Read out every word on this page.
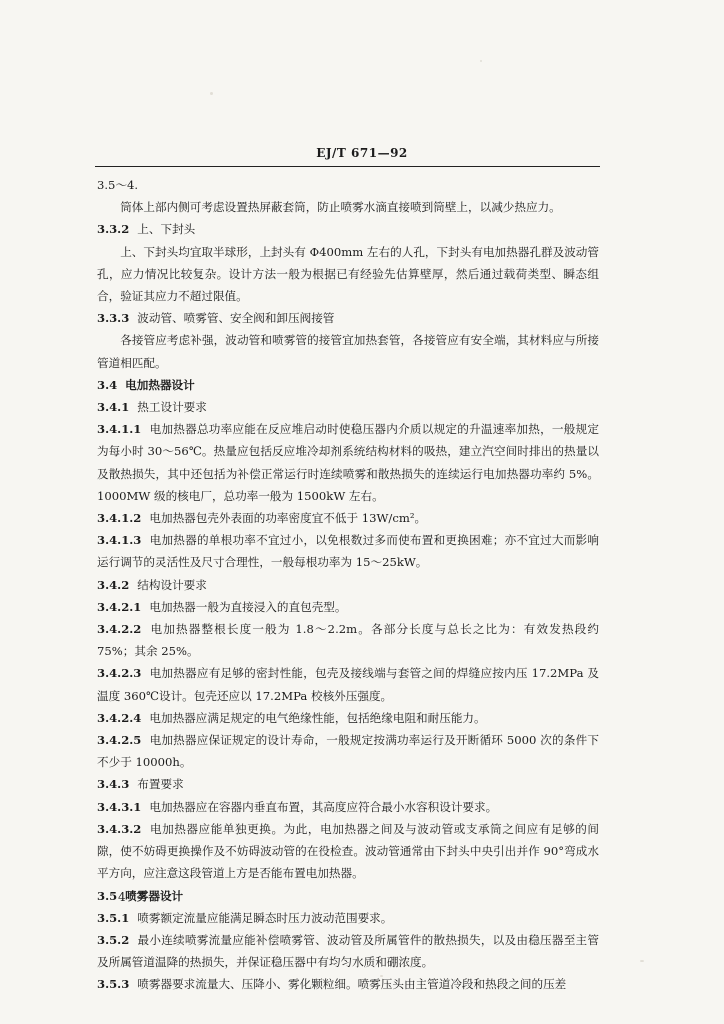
EJ/T 671—92

3.5～4.

筒体上部内侧可考虑设置热屏蔽套筒，防止喷雾水滴直接喷到筒壁上，以减少热应力。

3.3.2 上、下封头

上、下封头均宜取半球形，上封头有 Φ400mm 左右的人孔，下封头有电加热器孔群及波动管孔，应力情况比较复杂。设计方法一般为根据已有经验先估算壁厚，然后通过载荷类型、瞬态组合，验证其应力不超过限值。

3.3.3 波动管、喷雾管、安全阀和卸压阀接管

各接管应考虑补强，波动管和喷雾管的接管宜加热套管，各接管应有安全端，其材料应与所接管道相匹配。

3.4 电加热器设计

3.4.1 热工设计要求

3.4.1.1 电加热器总功率应能在反应堆启动时使稳压器内介质以规定的升温速率加热，一般规定为每小时 30～56℃。热量应包括反应堆冷却剂系统结构材料的吸热，建立汽空间时排出的热量以及散热损失，其中还包括为补偿正常运行时连续喷雾和散热损失的连续运行电加热器功率约 5%。1000MW 级的核电厂，总功率一般为 1500kW 左右。

3.4.1.2 电加热器包壳外表面的功率密度宜不低于 13W/cm²。

3.4.1.3 电加热器的单根功率不宜过小，以免根数过多而使布置和更换困难；亦不宜过大而影响运行调节的灵活性及尺寸合理性，一般每根功率为 15～25kW。

3.4.2 结构设计要求

3.4.2.1 电加热器一般为直接浸入的直包壳型。

3.4.2.2 电加热器整根长度一般为 1.8～2.2m。各部分长度与总长之比为：有效发热段约 75%；其余 25%。

3.4.2.3 电加热器应有足够的密封性能，包壳及接线端与套管之间的焊缝应按内压 17.2MPa 及温度 360℃设计。包壳还应以 17.2MPa 校核外压强度。

3.4.2.4 电加热器应满足规定的电气绝缘性能，包括绝缘电阻和耐压能力。

3.4.2.5 电加热器应保证规定的设计寿命，一般规定按满功率运行及开断循环 5000 次的条件下不少于 10000h。

3.4.3 布置要求

3.4.3.1 电加热器应在容器内垂直布置，其高度应符合最小水容积设计要求。

3.4.3.2 电加热器应能单独更换。为此，电加热器之间及与波动管或支承筒之间应有足够的间隙，使不妨碍更换操作及不妨碍波动管的在役检查。波动管通常由下封头中央引出并作 90°弯成水平方向，应注意这段管道上方是否能布置电加热器。

3.5 喷雾器设计

3.5.1 喷雾额定流量应能满足瞬态时压力波动范围要求。

3.5.2 最小连续喷雾流量应能补偿喷雾管、波动管及所属管件的散热损失，以及由稳压器至主管及所属管道温降的热损失，并保证稳压器中有均匀水质和硼浓度。

3.5.3 喷雾器要求流量大、压降小、雾化颗粒细。喷雾压头由主管道冷段和热段之间的压差

4
